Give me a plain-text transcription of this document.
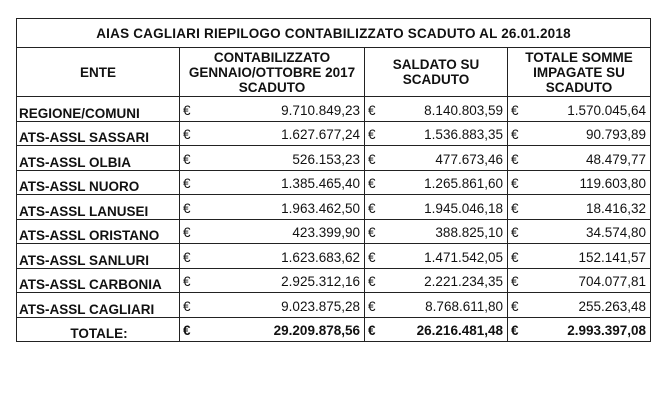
AIAS CAGLIARI RIEPILOGO CONTABILIZZATO SCADUTO AL 26.01.2018			
ENTE	CONTABILIZZATO GENNAIO/OTTOBRE 2017 SCADUTO	SALDATO SU SCADUTO	TOTALE SOMME IMPAGATE SU SCADUTO
REGIONE/COMUNI	€ 9.710.849,23	€ 8.140.803,59	€ 1.570.045,64

ATS-ASSL SASSARI	€ 1.627.677,24	€ 1.536.883,35	€ 90.793,89

ATS-ASSL OLBIA	€ 526.153,23	€ 477.673,46	€ 48.479,77

ATS-ASSL NUORO	€ 1.385.465,40	€ 1.265.861,60	€ 119.603,80

ATS-ASSL LANUSEI	€ 1.963.462,50	€ 1.945.046,18	€ 18.416,32

ATS-ASSL ORISTANO	€ 423.399,90	€ 388.825,10	€ 34.574,80

ATS-ASSL SANLURI	€ 1.623.683,62	€ 1.471.542,05	€ 152.141,57

ATS-ASSL CARBONIA	€ 2.925.312,16	€ 2.221.234,35	€ 704.077,81

ATS-ASSL CAGLIARI	€ 9.023.875,28	€ 8.768.611,80	€ 255.263,48

TOTALE:	€ 29.209.878,56	€ 26.216.481,48	€ 2.993.397,08
